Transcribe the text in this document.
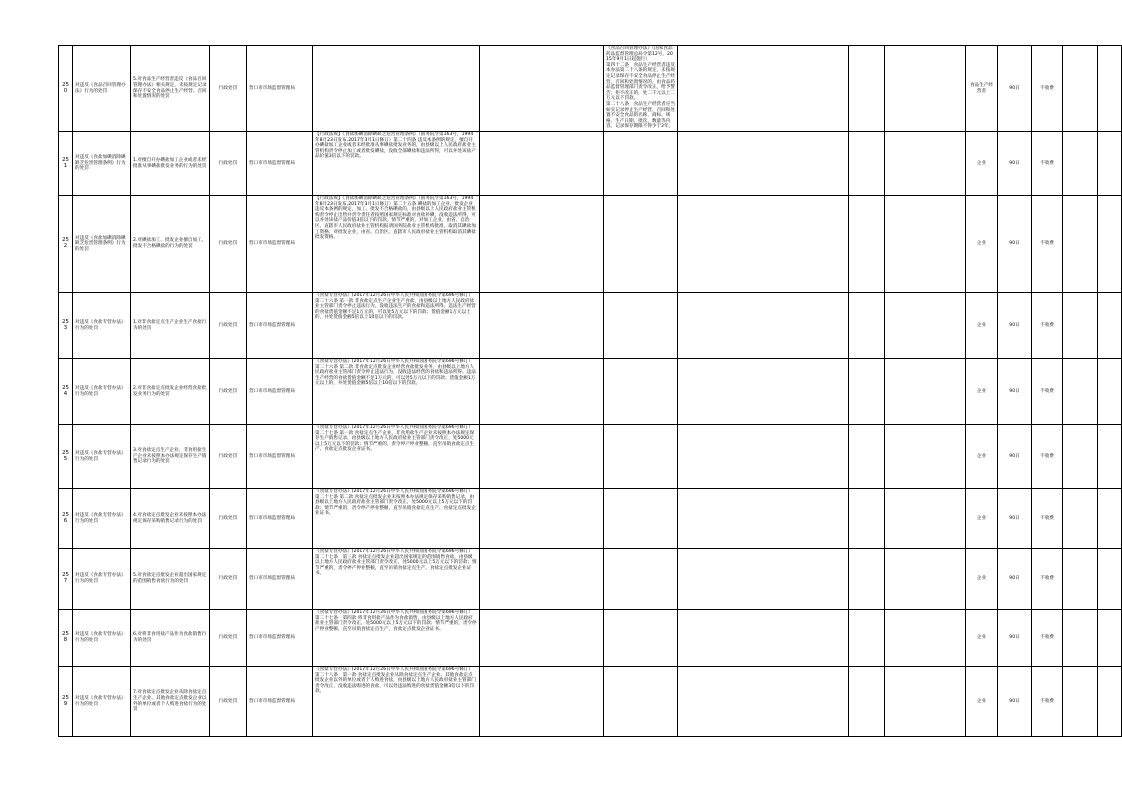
250	对违反《食品召回管理办法》行为的处罚	5.对食品生产经营者违反《食品召回管理办法》相关规定，未按规定记录保存不安全食品停止生产经营、召回和处置情况的处罚	行政处罚	营口市市场监督管理局			《食品召回管理办法》（国家食品药品监督管理总局令第12号，2015年9月1日起施行）
第四十二条　食品生产经营者违反本办法第二十八条的规定，未按规定记录保存不安全食品停止生产经营、召回和处置情况的，由食品药品监督管理部门责令改正，给予警告；拒不改正的，处二千元以上二万元以下罚款。
第二十八条　食品生产经营者应当如实记录停止生产经营、召回和处置不安全食品的名称、商标、规格、生产日期、批次、数量等内容。记录保存期限不得少于2年。				食品生产经营者	90日	不收费	

251	对违反《食盐加碘消除碘缺乏危害管理条例》行为的处罚	1.对擅自开办碘盐加工企业或者未经批准从事碘盐批发业务的行为的处罚	行政处罚	营口市市场监督管理局	【行政法规】《食盐加碘消除碘缺乏危害管理条例》（国务院令第163号，1994年8月23日发布,2017年3月1日修订）第二十四条 违反本条例的规定，擅自开办碘盐加工企业或者未经批准从事碘盐批发业务的，由县级以上人民政府盐业主管机构责令停止加工或者批发碘盐，没收全部碘盐和违法所得，可以并处该盐产品价值3倍以下的罚款。						企业	90日	不收费	

252	对违反《食盐加碘消除碘缺乏危害管理条例》行为的处罚	2.对碘盐加工、批发企业擅自加工、批发不合格碘盐的行为的处罚	行政处罚	营口市市场监督管理局	【行政法规】《食盐加碘消除碘缺乏危害管理条例》（国务院令第163号，1994年8月23日发布,2017年3月1日修订）第二十五条 碘盐的加工企业、批发企业违反本条例的规定，加工、批发不合格碘盐的，由县级以上人民政府盐业主管机构责令停止出售并责令责任者按照国家规定标准对食盐补碘，没收违法所得，可以并处该盐产品价值3倍以下的罚款。情节严重的，对加工企业，由省、自治区、直辖市人民政府盐业主管机构报请国务院盐业主管机构批准，取消其碘盐加工资格；对批发企业，由省、自治区、直辖市人民政府盐业主管机构取消其碘盐批发资格。						企业	90日	不收费	

253	对违反《食盐专营办法》行为的处罚	1.对非食盐定点生产企业生产食盐行为的处罚	行政处罚	营口市市场监督管理局	《食盐专营办法》(2017年12月26日中华人民共和国国务院令第696号修订）
第二十六条 第一款 非食盐定点生产企业生产食盐，由县级以上地方人民政府盐业主管部门责令停止违法行为，没收违法生产的食盐和违法所得。违法生产经营的食盐货值金额不足1万元的，可以处5万元以下的罚款；货值金额1万元以上的，并处货值金额5倍以上10倍以下的罚款。						企业	90日	不收费	

254	对违反《食盐专营办法》行为的处罚	2.对非食盐定点批发企业经营食盐批发业务行为的处罚	行政处罚	营口市市场监督管理局	《食盐专营办法》(2017年12月26日中华人民共和国国务院令第696号修订）
第二十六条 第二款 非食盐定点批发企业经营食盐批发业务，由县级以上地方人民政府盐业主管部门责令停止违法行为，没收违法经营的食盐和违法所得。违法生产经营的食盐货值金额不足1万元的，可以处5万元以下的罚款；货值金额1万元以上的，并处货值金额5倍以上10倍以下的罚款。						企业	90日	不收费	

255	对违反《食盐专营办法》行为的处罚	3.对食盐定点生产企业、非食用盐生产企业未按照本办法规定保存生产销售记录行为的处罚	行政处罚	营口市市场监督管理局	《食盐专营办法》(2017年12月26日中华人民共和国国务院令第696号修订）
第二十七条 第一款 食盐定点生产企业、非食用盐生产企业未按照本办法规定保存生产销售记录，由县级以上地方人民政府盐业主管部门责令改正，处5000元以上5万元以下的罚款；情节严重的，责令停产停业整顿，直至吊销食盐定点生产、食盐定点批发企业证书。						企业	90日	不收费	

256	对违反《食盐专营办法》行为的处罚	4.对食盐定点批发企业未按照本办法规定保存采购销售记录行为的处罚	行政处罚	营口市市场监督管理局	《食盐专营办法》(2017年12月26日中华人民共和国国务院令第696号修订）
第二十七条 第二款 食盐定点批发企业未按照本办法规定保存采购销售记录，由县级以上地方人民政府盐业主管部门责令改正，处5000元以上5万元以下的罚款；情节严重的，责令停产停业整顿，直至吊销食盐定点生产、食盐定点批发企业证书。						企业	90日	不收费	

257	对违反《食盐专营办法》行为的处罚	5.对食盐定点批发企业超出国家规定的范围销售食盐行为的处罚	行政处罚	营口市市场监督管理局	《食盐专营办法》(2017年12月26日中华人民共和国国务院令第696号修订）
第二十七条　第三款 食盐定点批发企业超出国家规定的范围销售食盐，由县级以上地方人民政府盐业主管部门责令改正，处5000元以上5万元以下的罚款；情节严重的，责令停产停业整顿，直至吊销食盐定点生产、食盐定点批发企业证书。						企业	90日	不收费	

258	对违反《食盐专营办法》行为的处罚	6.对将非食用盐产品作为食盐销售行为的处罚	行政处罚	营口市市场监督管理局	《食盐专营办法》(2017年12月26日中华人民共和国国务院令第696号修订）
第二十七条　第四款 将非食用盐产品作为食盐销售，由县级以上地方人民政府盐业主管部门责令改正，处5000元以上5万元以下的罚款；情节严重的，责令停产停业整顿，直至吊销食盐定点生产、食盐定点批发企业证书。						企业	90日	不收费	

259	对违反《食盐专营办法》行为的处罚	7.对食盐定点批发企业从除食盐定点生产企业、其他食盐定点批发企业以外的单位或者个人购进食盐行为的处罚	行政处罚	营口市市场监督管理局	《食盐专营办法》(2017年12月26日中华人民共和国国务院令第696号修订）
第二十八条　第一款 食盐定点批发企业从除食盐定点生产企业、其他食盐定点批发企业以外的单位或者个人购进食盐，由县级以上地方人民政府盐业主管部门责令改正，没收违法购进的食盐，可以处违法购进的食盐货值金额3倍以下的罚款。						企业	90日	不收费	
